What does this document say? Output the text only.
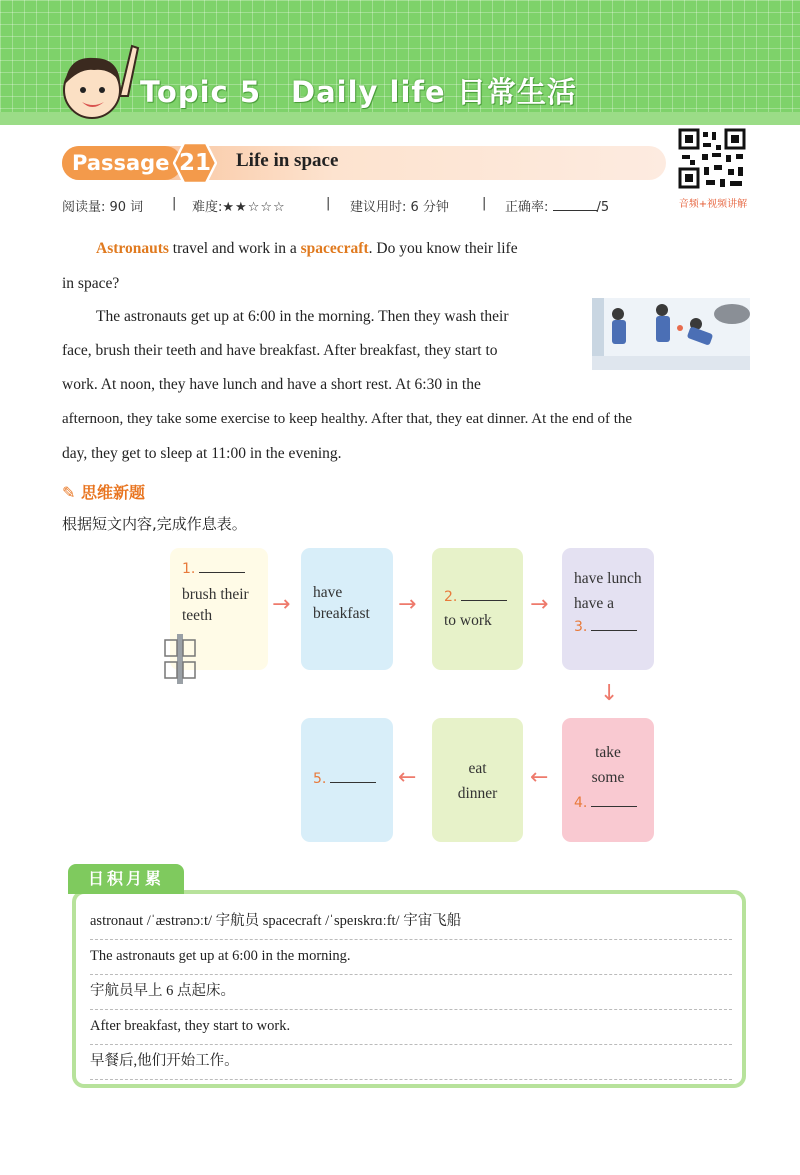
Topic 5 Daily life 日常生活
Passage 21	Life in space
音频+视频讲解
阅读量: 90 词 | 难度:★★☆☆☆	| 建议用时: 6 分钟	| 正确率:	/5
Astronauts travel and work in a spacecraft. Do you know their life
in space?
The astronauts get up at 6:00 in the morning. Then they wash their
face, brush their teeth and have breakfast. After breakfast, they start to
work. At noon, they have lunch and have a short rest. At 6:30 in the
afternoon, they take some exercise to keep healthy. After that, they eat dinner. At the end of the
day, they get to sleep at 11:00 in the evening.
✎ 思维新题
根据短文内容,完成作息表。
1.
brush their teeth	→ have breakfast	→ 2.
to work
→
have lunch
have a
3.
↓
take
some
4.
←
eat
dinner
←
5.
日积月累
astronaut /ˈæstrənɔːt/ 宇航员 spacecraft /ˈspeɪskrɑːft/ 宇宙飞船
The astronauts get up at 6:00 in the morning.
宇航员早上 6 点起床。
After breakfast, they start to work.
早餐后,他们开始工作。
